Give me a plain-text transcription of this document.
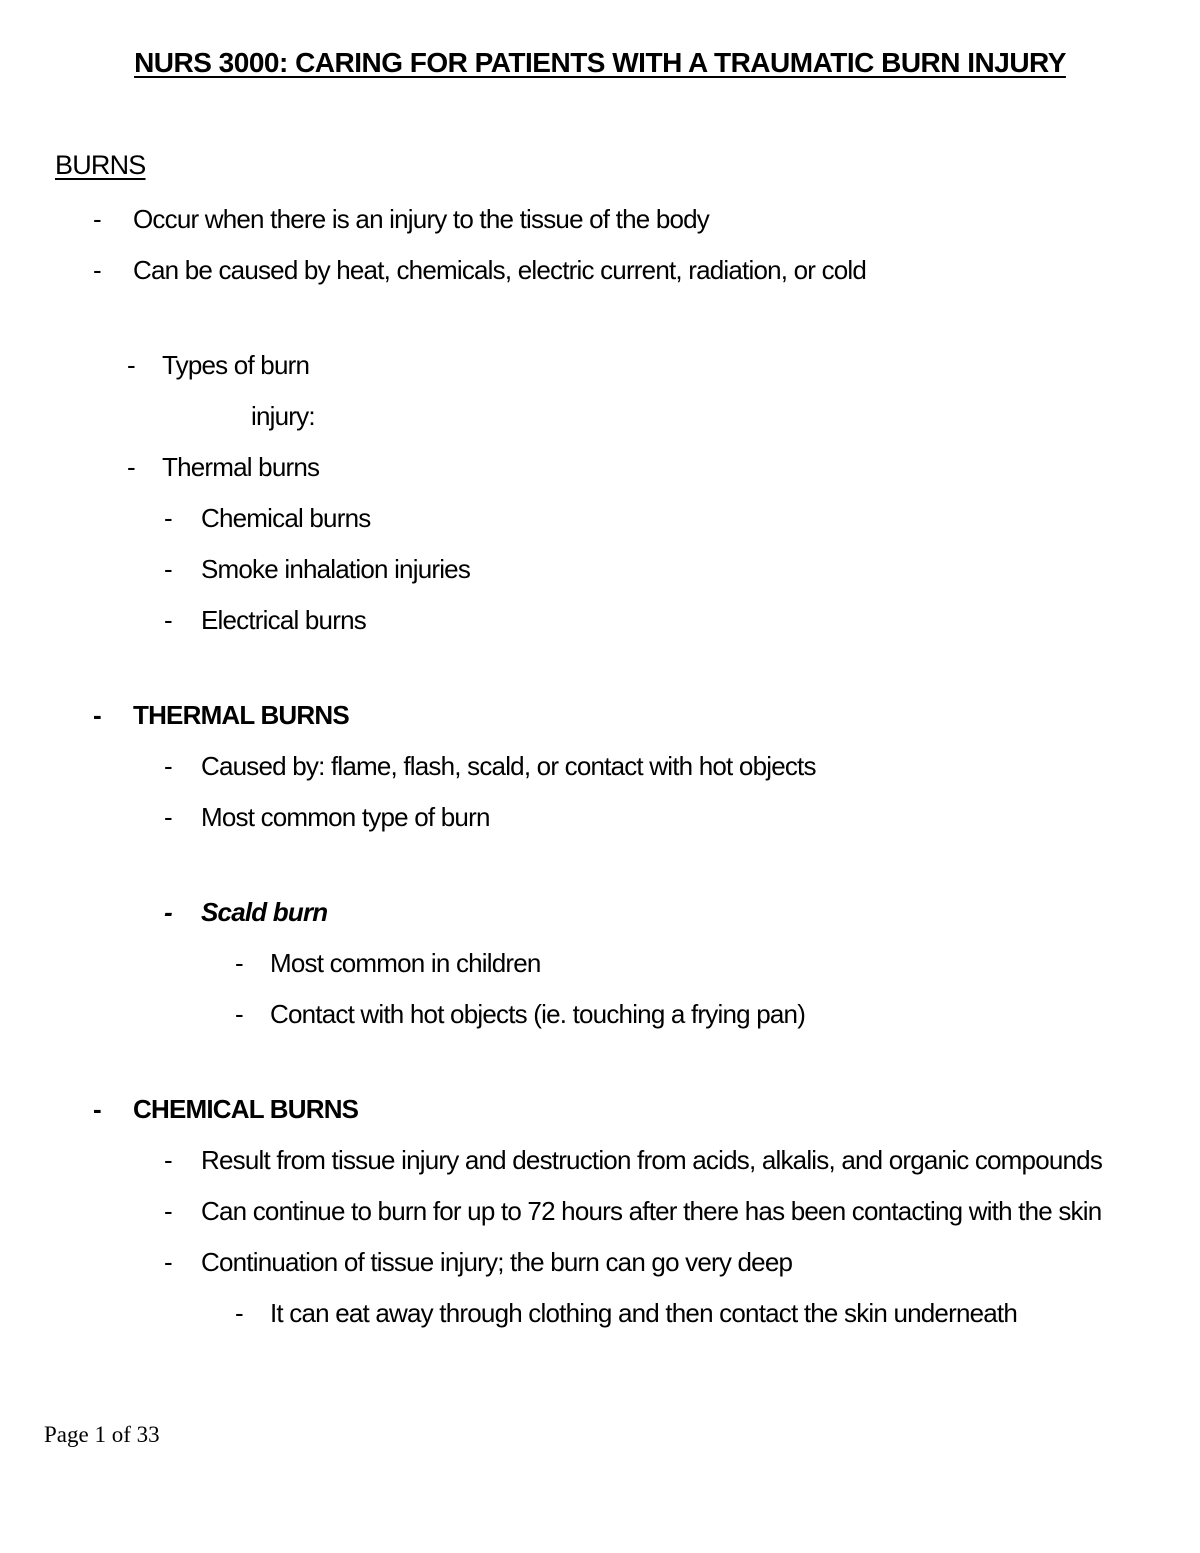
NURS 3000: CARING FOR PATIENTS WITH A TRAUMATIC BURN INJURY
BURNS
-	Occur when there is an injury to the tissue of the body
-	Can be caused by heat, chemicals, electric current, radiation, or cold
-	Types of burn
injury:
-	Thermal burns
-	Chemical burns
-	Smoke inhalation injuries
-	Electrical burns
-	THERMAL BURNS
-	Caused by: flame, flash, scald, or contact with hot objects
-	Most common type of burn
-	Scald burn
-	Most common in children
-	Contact with hot objects (ie. touching a frying pan)
-	CHEMICAL BURNS
-	Result from tissue injury and destruction from acids, alkalis, and organic compounds
-	Can continue to burn for up to 72 hours after there has been contacting with the skin
-	Continuation of tissue injury; the burn can go very deep
-	It can eat away through clothing and then contact the skin underneath
Page 1 of 33
